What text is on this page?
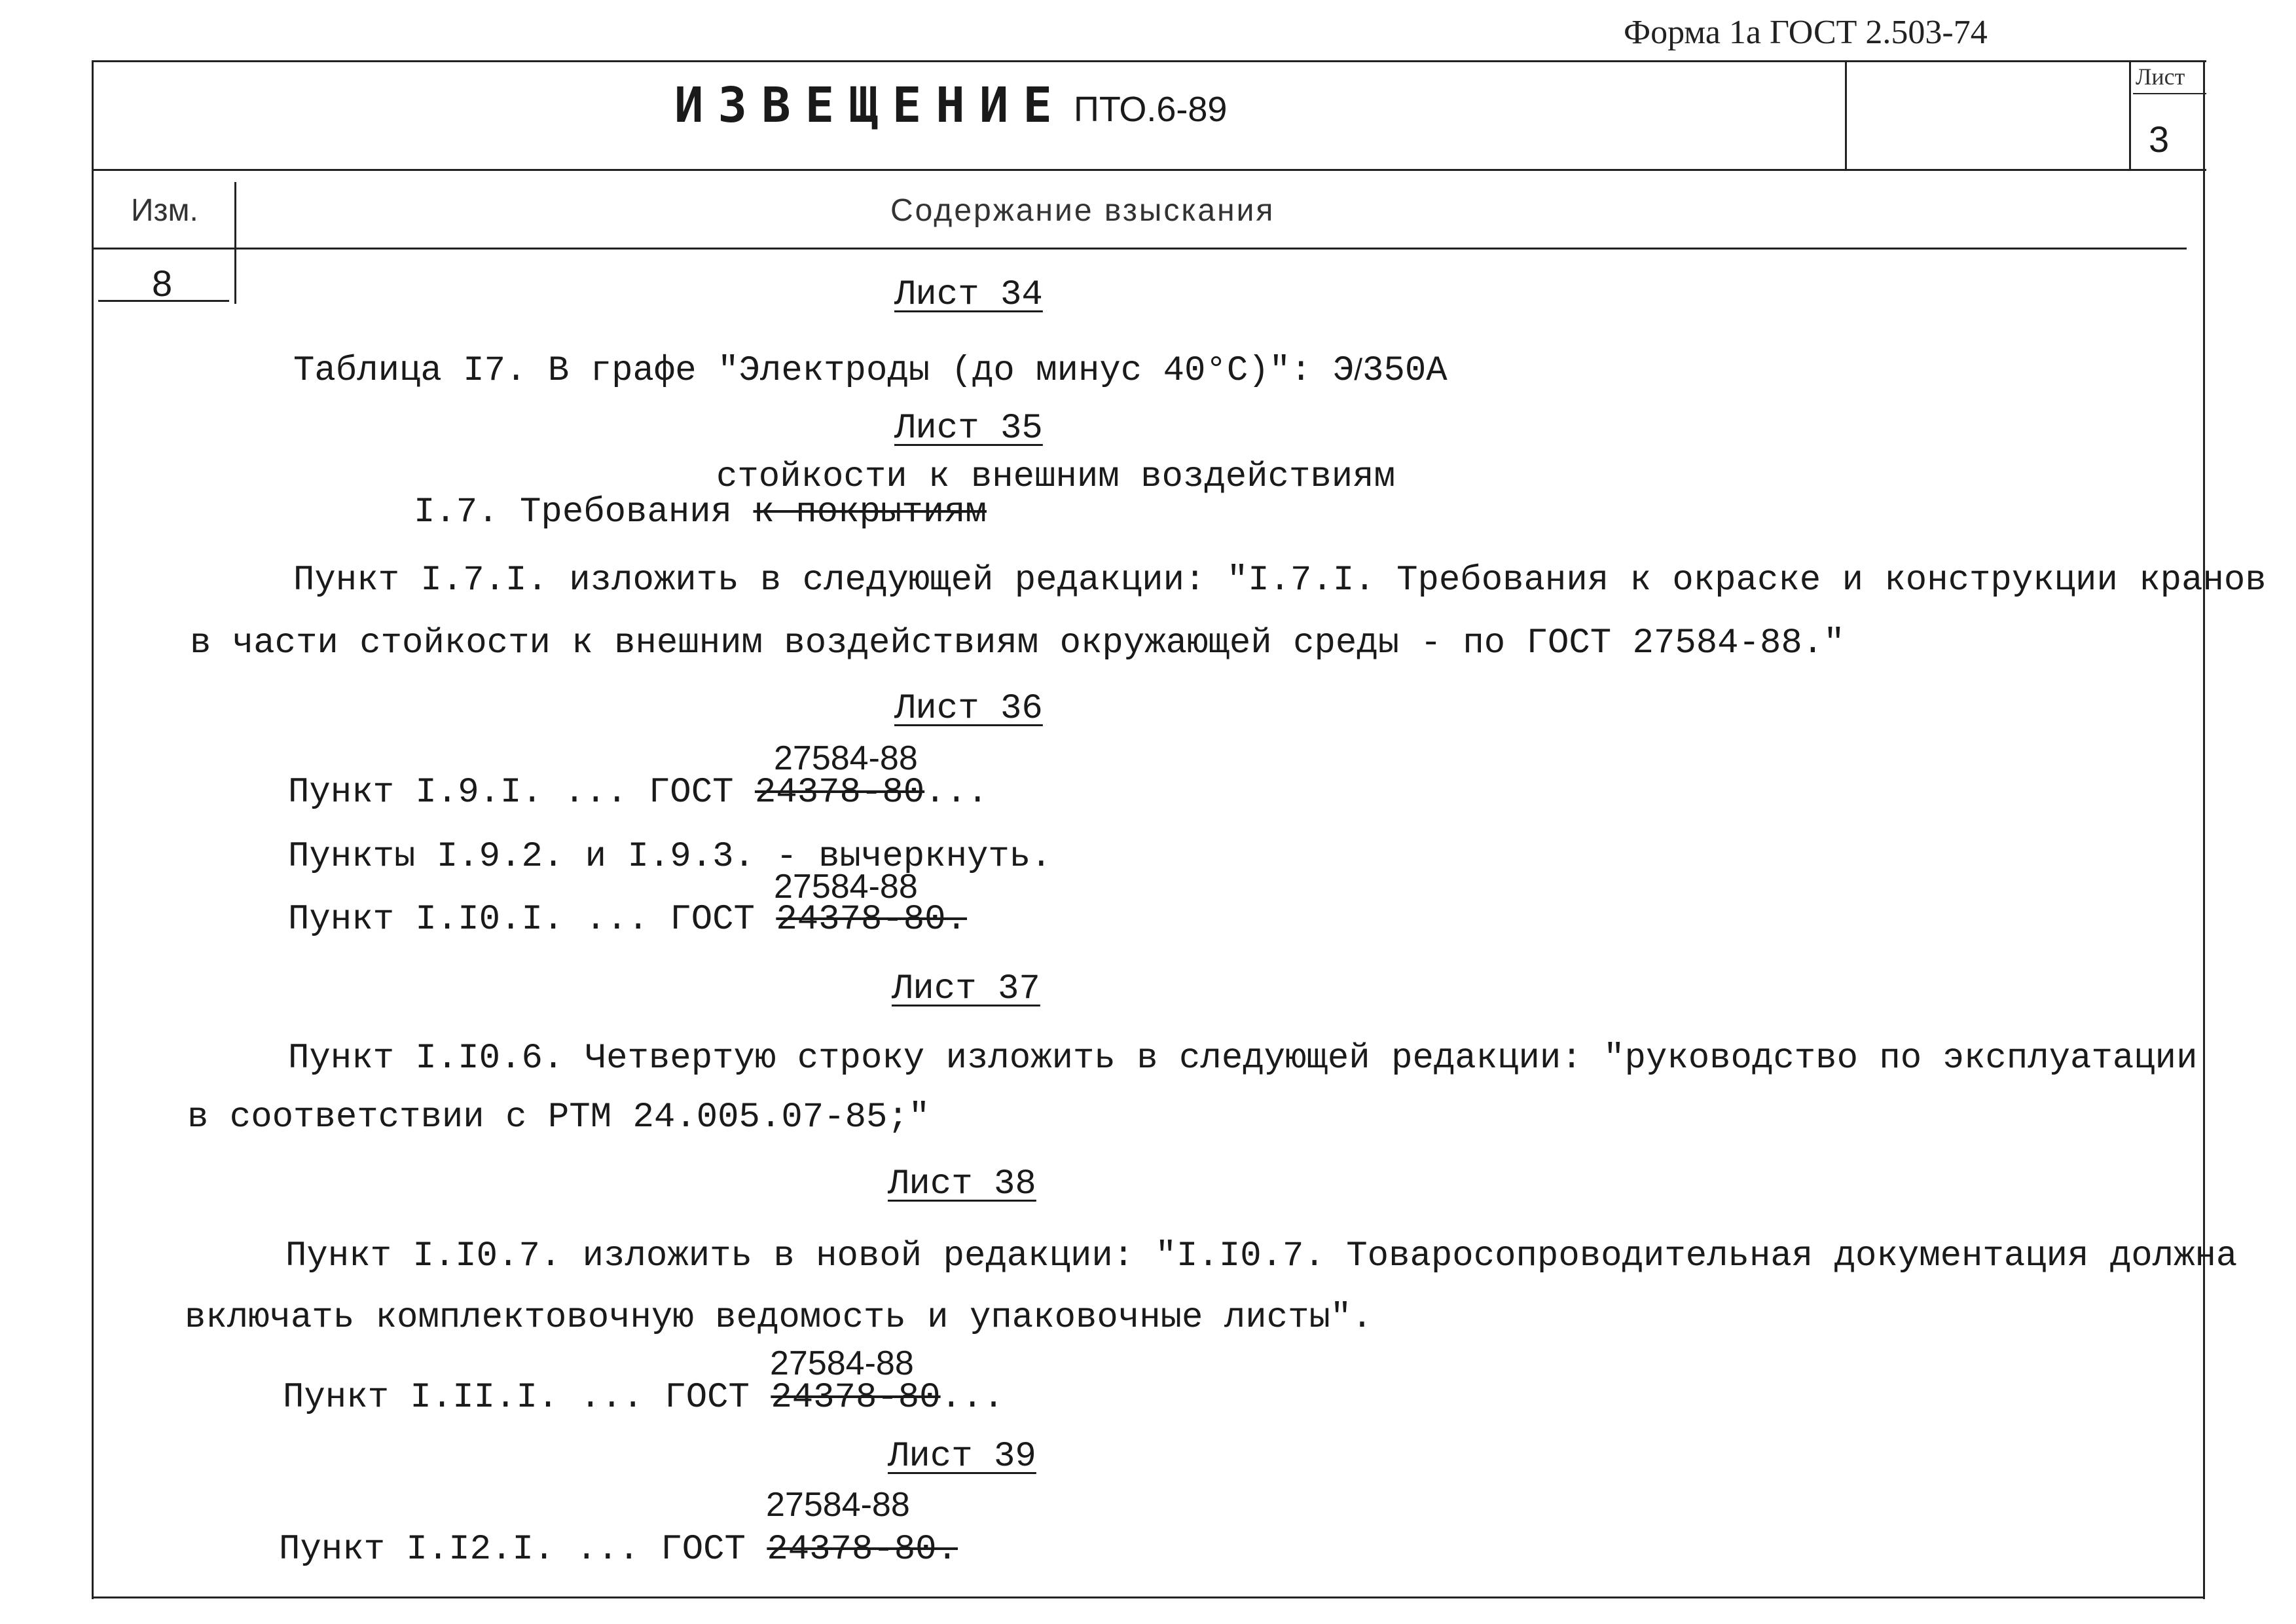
Форма 1а ГОСТ 2.503-74
ИЗВЕЩЕНИЕ ПТО.6-89
Лист
3
Изм.	Содержание взыскания
8	Лист 34
Таблица I7. В графе "Электроды (до минус 40°С)": Э/350А
Лист 35
стойкости к внешним воздействиям
I.7. Требования к покрытиям
Пункт I.7.I. изложить в следующей редакции: "I.7.I. Требования к окраске и конструкции кранов
в части стойкости к внешним воздействиям окружающей среды - по ГОСТ 27584-88."
Лист 36
27584-88
Пункт I.9.I. ... ГОСТ 24378-80...
Пункты I.9.2. и I.9.3. - вычеркнуть.
27584-88
Пункт I.I0.I. ... ГОСТ 24378-80.
Лист 37
Пункт I.I0.6. Четвертую строку изложить в следующей редакции: "руководство по эксплуатации
в соответствии с РТМ 24.005.07-85;"
Лист 38
Пункт I.I0.7. изложить в новой редакции: "I.I0.7. Товаросопроводительная документация должна
включать комплектовочную ведомость и упаковочные листы".
27584-88
Пункт I.II.I. ... ГОСТ 24378-80...
Лист 39
27584-88
Пункт I.I2.I. ... ГОСТ 24378-80.
